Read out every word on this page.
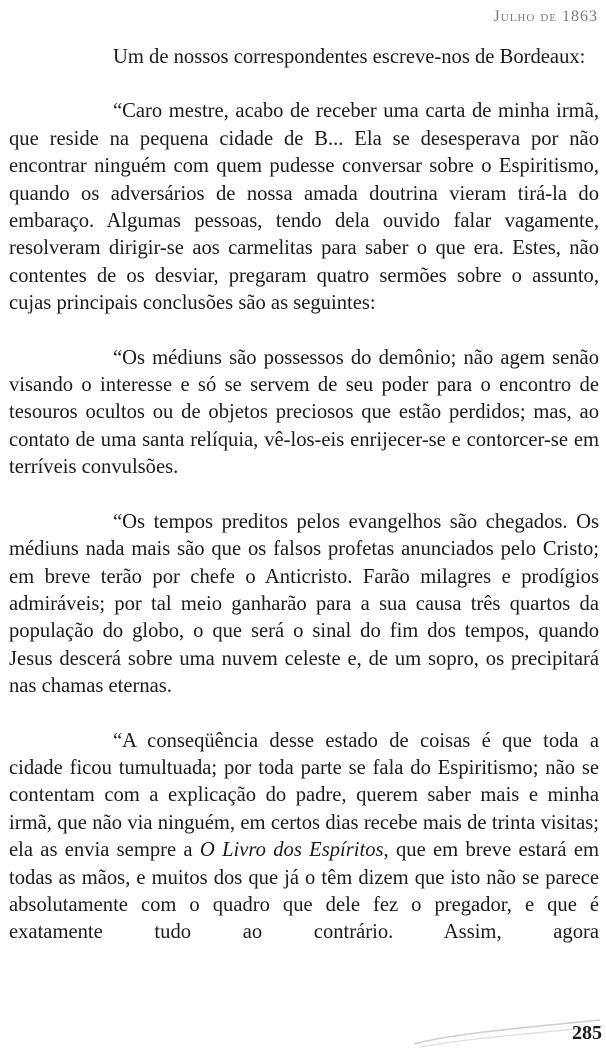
Julho de 1863

Um de nossos correspondentes escreve-nos de Bordeaux:

“Caro mestre, acabo de receber uma carta de minha irmã, que reside na pequena cidade de B... Ela se desesperava por não encontrar ninguém com quem pudesse conversar sobre o Espiritismo, quando os adversários de nossa amada doutrina vieram tirá-la do embaraço. Algumas pessoas, tendo dela ouvido falar vagamente, resolveram dirigir-se aos carmelitas para saber o que era. Estes, não contentes de os desviar, pregaram quatro sermões sobre o assunto, cujas principais conclusões são as seguintes:

“Os médiuns são possessos do demônio; não agem senão visando o interesse e só se servem de seu poder para o encontro de tesouros ocultos ou de objetos preciosos que estão perdidos; mas, ao contato de uma santa relíquia, vê-los-eis enrijecer-se e contorcer-se em terríveis convulsões.

“Os tempos preditos pelos evangelhos são chegados. Os médiuns nada mais são que os falsos profetas anunciados pelo Cristo; em breve terão por chefe o Anticristo. Farão milagres e prodígios admiráveis; por tal meio ganharão para a sua causa três quartos da população do globo, o que será o sinal do fim dos tempos, quando Jesus descerá sobre uma nuvem celeste e, de um sopro, os precipitará nas chamas eternas.

“A conseqüência desse estado de coisas é que toda a cidade ficou tumultuada; por toda parte se fala do Espiritismo; não se contentam com a explicação do padre, querem saber mais e minha irmã, que não via ninguém, em certos dias recebe mais de trinta visitas; ela as envia sempre a O Livro dos Espíritos, que em breve estará em todas as mãos, e muitos dos que já o têm dizem que isto não se parece absolutamente com o quadro que dele fez o pregador, e que é exatamente tudo ao contrário. Assim, agora

285
